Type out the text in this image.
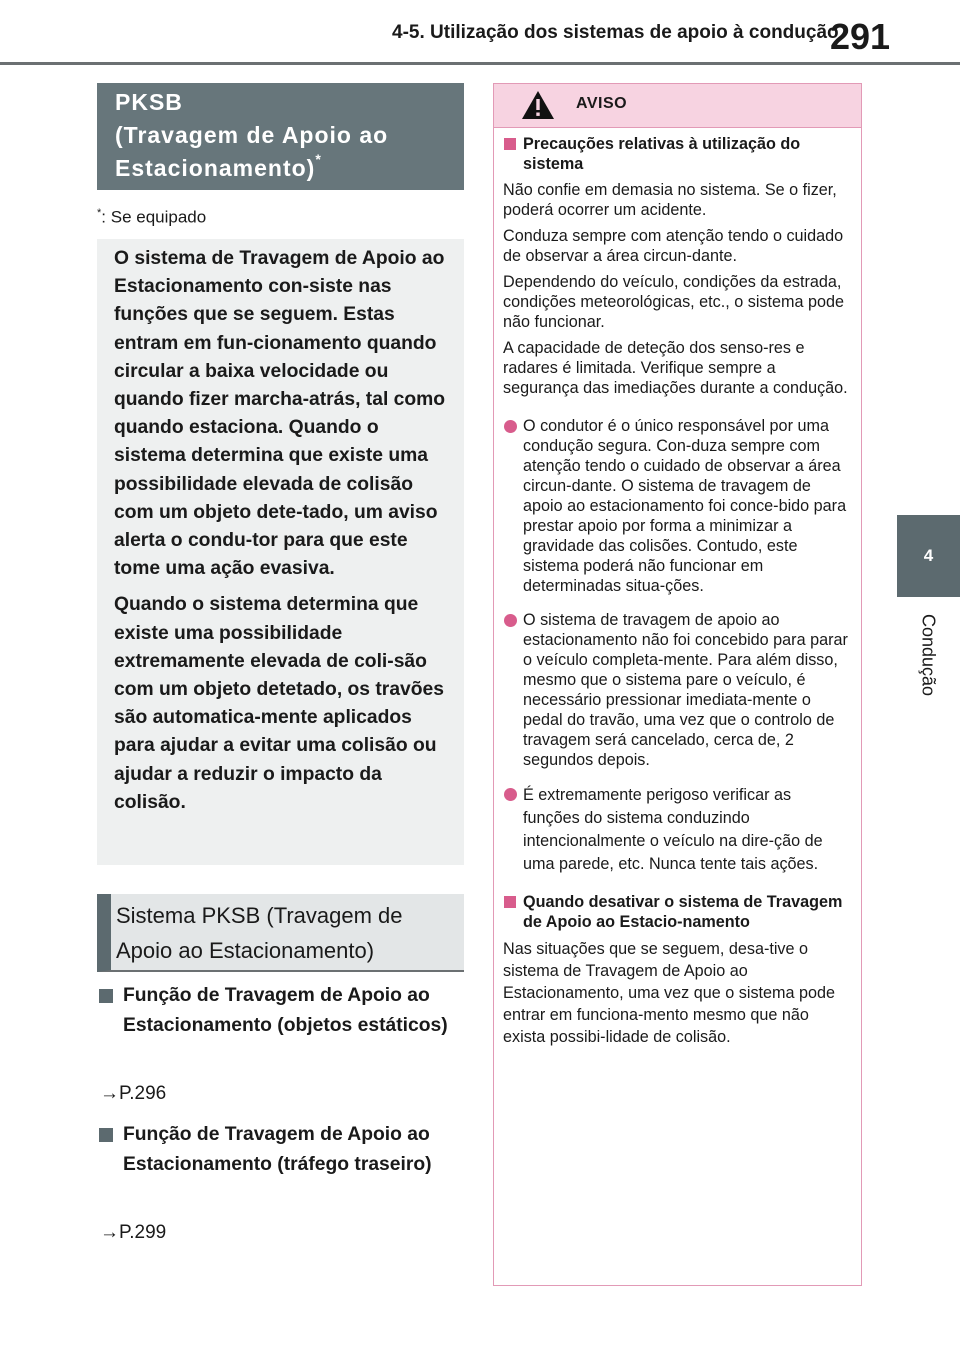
4-5. Utilização dos sistemas de apoio à condução
291
4
Condução
PKSB
(Travagem de Apoio ao
Estacionamento)*
*: Se equipado

O sistema de Travagem de Apoio ao Estacionamento con-siste nas funções que se seguem. Estas entram em fun-cionamento quando circular a baixa velocidade ou quando fizer marcha-atrás, tal como quando estaciona. Quando o sistema determina que existe uma possibilidade elevada de colisão com um objeto dete-tado, um aviso alerta o condu-tor para que este tome uma ação evasiva.

Quando o sistema determina que existe uma possibilidade extremamente elevada de coli-são com um objeto detetado, os travões são automatica-mente aplicados para ajudar a evitar uma colisão ou ajudar a reduzir o impacto da colisão.

Sistema PKSB (Travagem de Apoio ao Estacionamento)
Função de Travagem de Apoio ao Estacionamento (objetos estáticos)
→P.296
Função de Travagem de Apoio ao Estacionamento (tráfego traseiro)
→P.299
AVISO
Precauções relativas à utilização do sistema

Não confie em demasia no sistema. Se o fizer, poderá ocorrer um acidente.

Conduza sempre com atenção tendo o cuidado de observar a área circun-dante.

Dependendo do veículo, condições da estrada, condições meteorológicas, etc., o sistema pode não funcionar.

A capacidade de deteção dos senso-res e radares é limitada. Verifique sempre a segurança das imediações durante a condução.

O condutor é o único responsável por uma condução segura. Con-duza sempre com atenção tendo o cuidado de observar a área circun-dante. O sistema de travagem de apoio ao estacionamento foi conce-bido para prestar apoio por forma a minimizar a gravidade das colisões. Contudo, este sistema poderá não funcionar em determinadas situa-ções.
O sistema de travagem de apoio ao estacionamento não foi concebido para parar o veículo completa-mente. Para além disso, mesmo que o sistema pare o veículo, é necessário pressionar imediata-mente o pedal do travão, uma vez que o controlo de travagem será cancelado, cerca de, 2 segundos depois.
É extremamente perigoso verificar as funções do sistema conduzindo intencionalmente o veículo na dire-ção de uma parede, etc. Nunca tente tais ações.
Quando desativar o sistema de Travagem de Apoio ao Estacio-namento

Nas situações que se seguem, desa-tive o sistema de Travagem de Apoio ao Estacionamento, uma vez que o sistema pode entrar em funciona-mento mesmo que não exista possibi-lidade de colisão.
